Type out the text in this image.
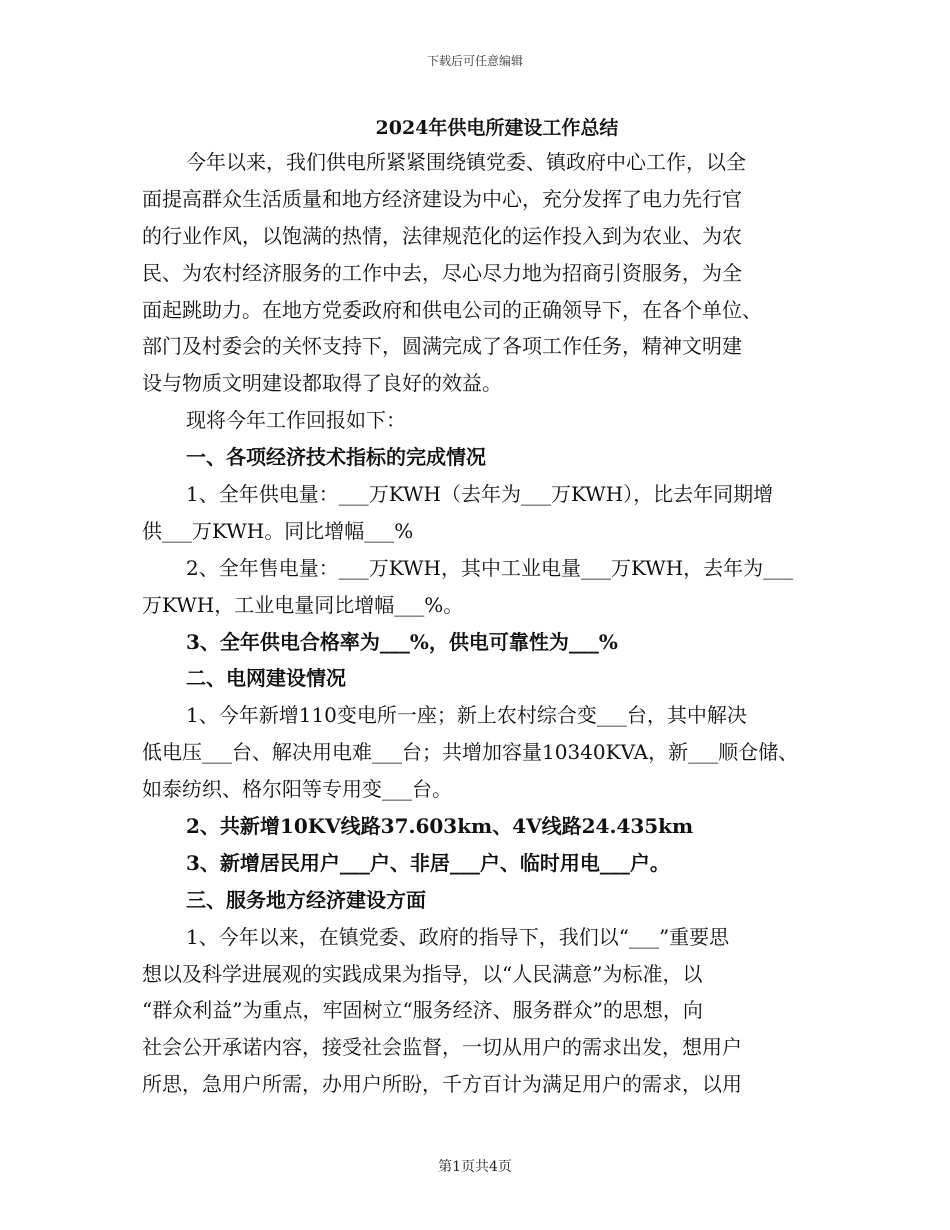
下载后可任意编辑
2024年供电所建设工作总结
今年以来，我们供电所紧紧围绕镇党委、镇政府中心工作，以全
面提高群众生活质量和地方经济建设为中心，充分发挥了电力先行官
的行业作风，以饱满的热情，法律规范化的运作投入到为农业、为农
民、为农村经济服务的工作中去，尽心尽力地为招商引资服务，为全
面起跳助力。在地方党委政府和供电公司的正确领导下，在各个单位、
部门及村委会的关怀支持下，圆满完成了各项工作任务，精神文明建
设与物质文明建设都取得了良好的效益。
现将今年工作回报如下：
一、各项经济技术指标的完成情况
1、全年供电量：___万KWH（去年为___万KWH），比去年同期增
供___万KWH。同比增幅___%
2、全年售电量：___万KWH，其中工业电量___万KWH，去年为___
万KWH，工业电量同比增幅___%。
3、全年供电合格率为___%，供电可靠性为___%
二、电网建设情况
1、今年新增110变电所一座；新上农村综合变___台，其中解决
低电压___台、解决用电难___台；共增加容量10340KVA，新___顺仓储、
如泰纺织、格尔阳等专用变___台。
2、共新增10KV线路37.603km、4V线路24.435km
3、新增居民用户___户、非居___户、临时用电___户。
三、服务地方经济建设方面
1、今年以来，在镇党委、政府的指导下，我们以“___”重要思
想以及科学进展观的实践成果为指导，以“人民满意”为标准，以
“群众利益”为重点，牢固树立“服务经济、服务群众”的思想，向
社会公开承诺内容，接受社会监督，一切从用户的需求出发，想用户
所思，急用户所需，办用户所盼，千方百计为满足用户的需求，以用
第1页共4页
